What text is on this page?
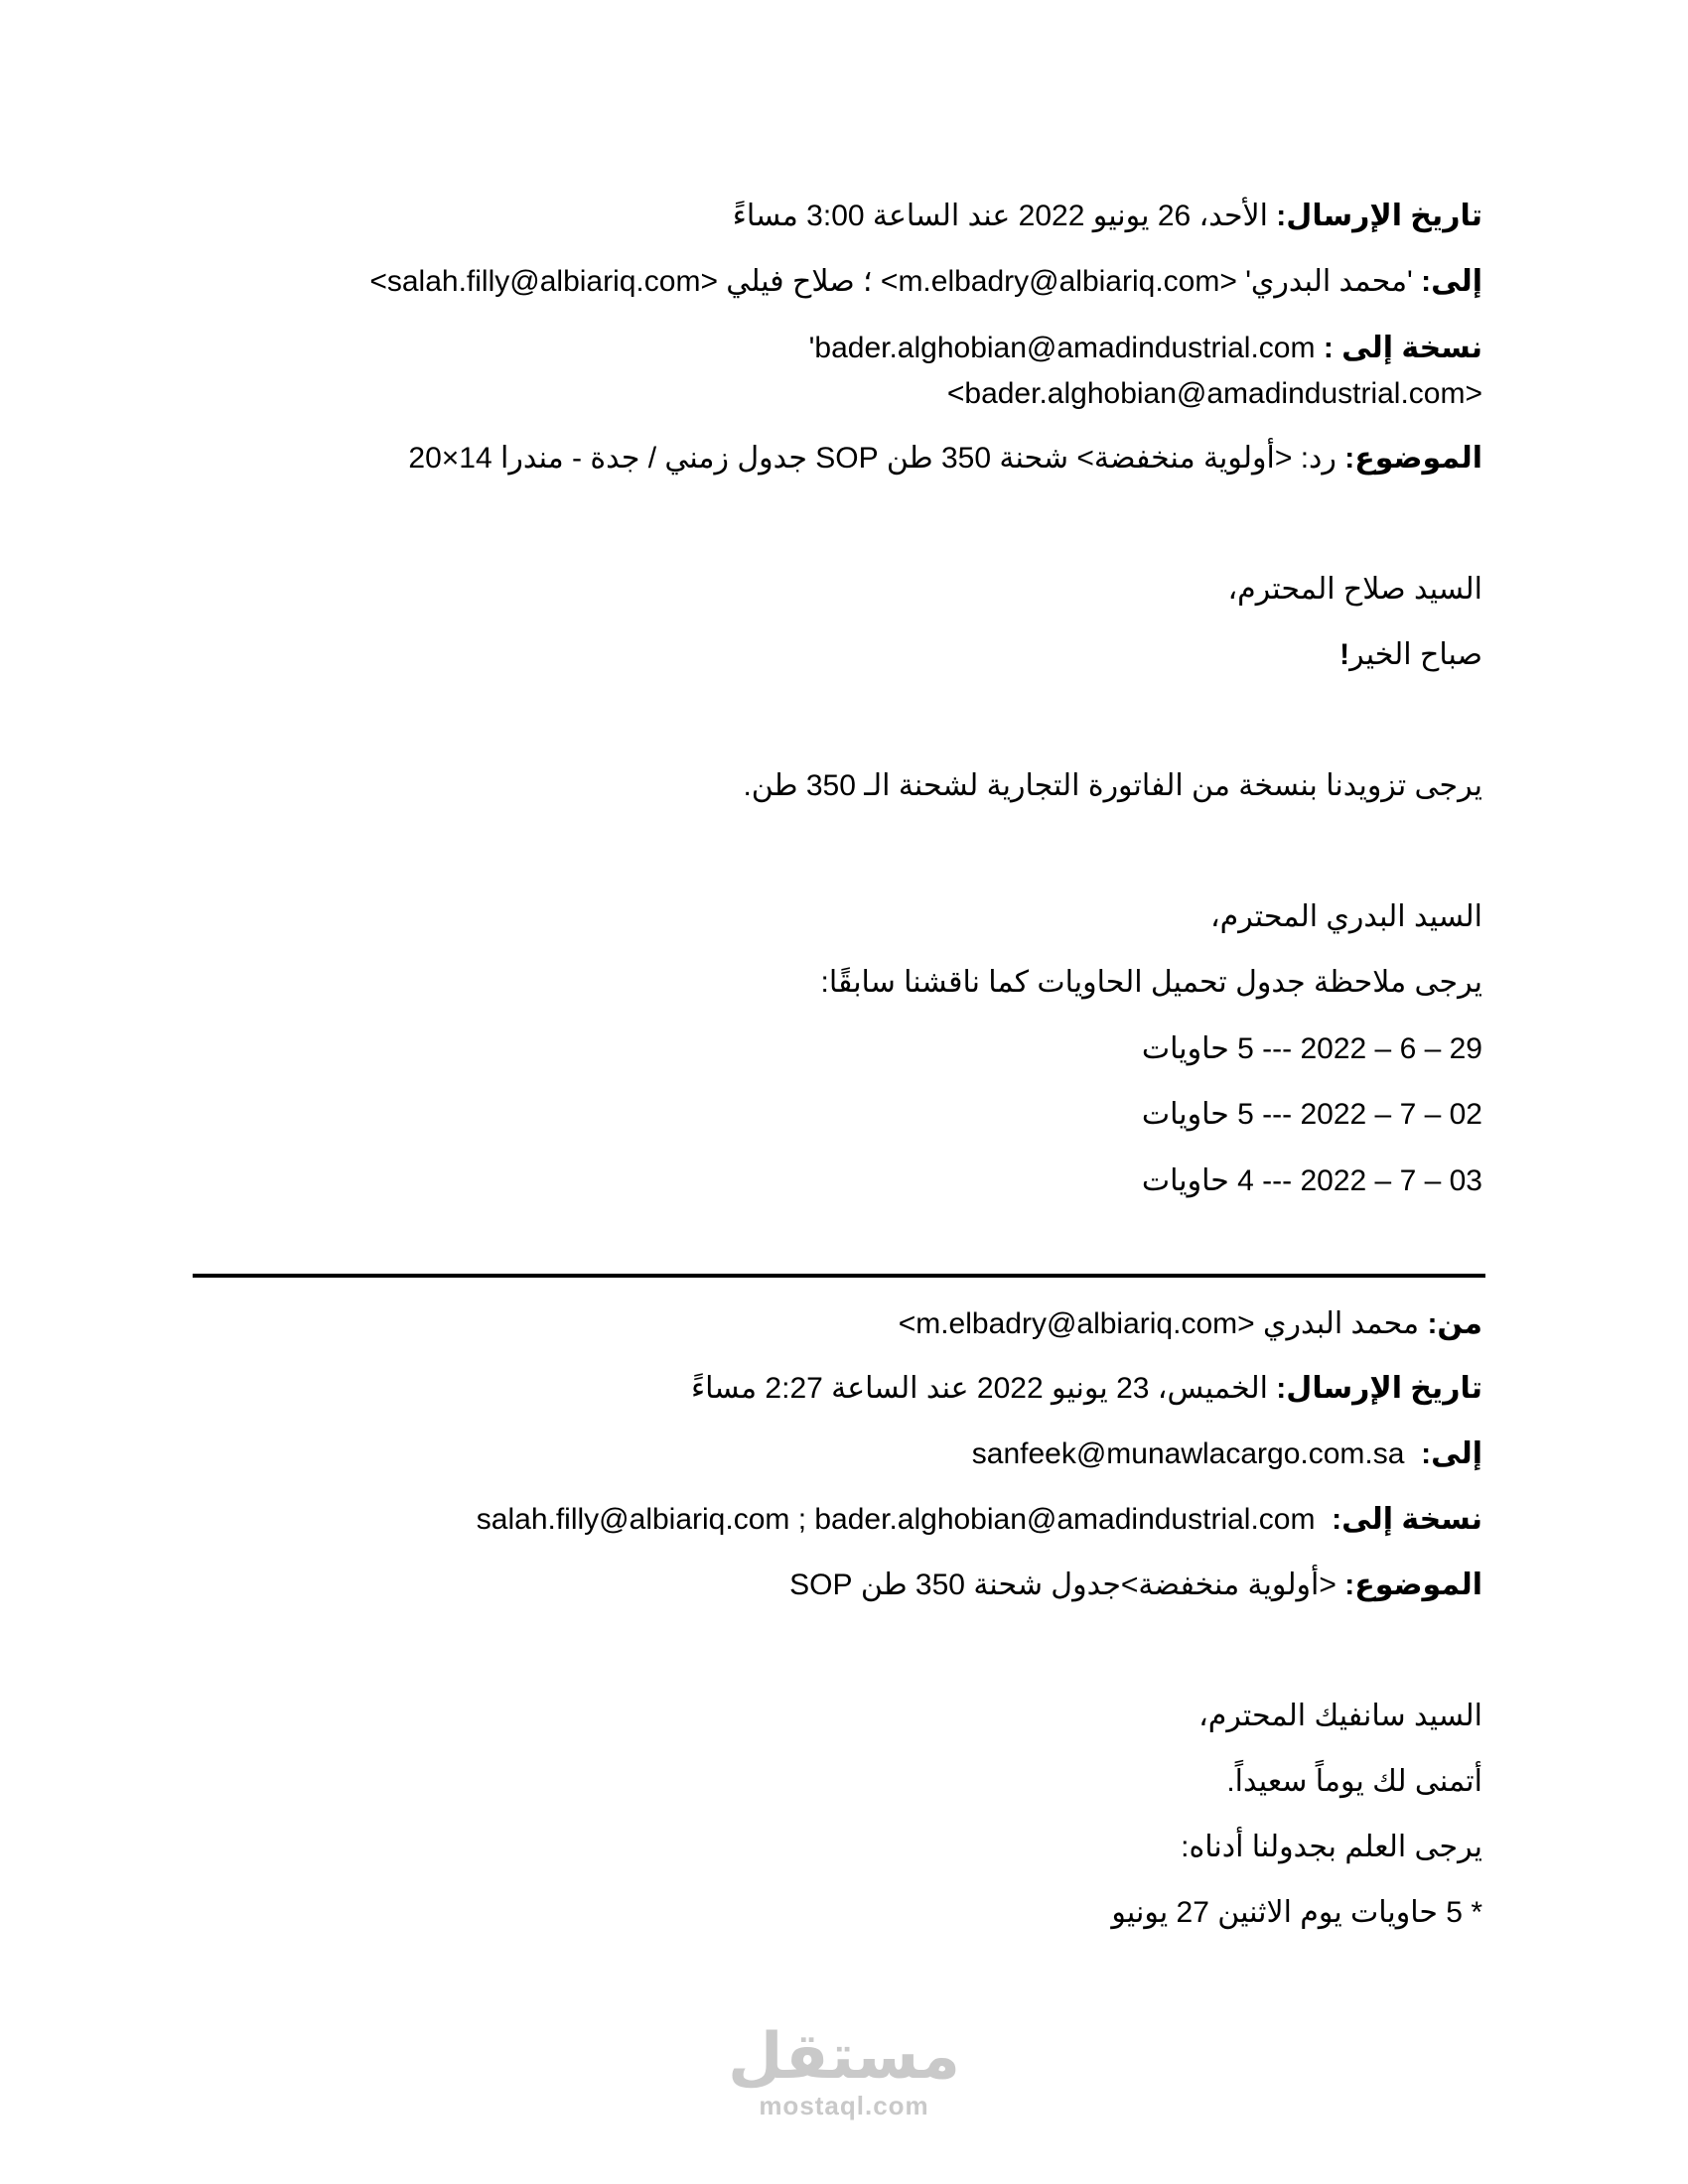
تاريخ الإرسال: الأحد، 26 يونيو 2022 عند الساعة 3:00 مساءً
إلى: 'محمد البدري' <m.elbadry@albiariq.com> ؛ صلاح فيلي <salah.filly@albiariq.com>
نسخة إلى : 'bader.alghobian@amadindustrial.com
<bader.alghobian@amadindustrial.com>
الموضوع: رد: <أولوية منخفضة> شحنة 350 طن SOP جدول زمني / جدة - مندرا 14×20
السيد صلاح المحترم،
صباح الخير!
يرجى تزويدنا بنسخة من الفاتورة التجارية لشحنة الـ 350 طن.
السيد البدري المحترم،
يرجى ملاحظة جدول تحميل الحاويات كما ناقشنا سابقًا:
29 – 6 – 2022 --- 5 حاويات
02 – 7 – 2022 --- 5 حاويات
03 – 7 – 2022 --- 4 حاويات
من: محمد البدري <m.elbadry@albiariq.com>
تاريخ الإرسال: الخميس، 23 يونيو 2022 عند الساعة 2:27 مساءً
إلى:  sanfeek@munawlacargo.com.sa
نسخة إلى:  salah.filly@albiariq.com ; bader.alghobian@amadindustrial.com
الموضوع: <أولوية منخفضة>جدول شحنة 350 طن SOP
السيد سانفيك المحترم،
أتمنى لك يوماً سعيداً.
يرجى العلم بجدولنا أدناه:
* 5 حاويات يوم الاثنين 27 يونيو
مستقل
mostaql.com
